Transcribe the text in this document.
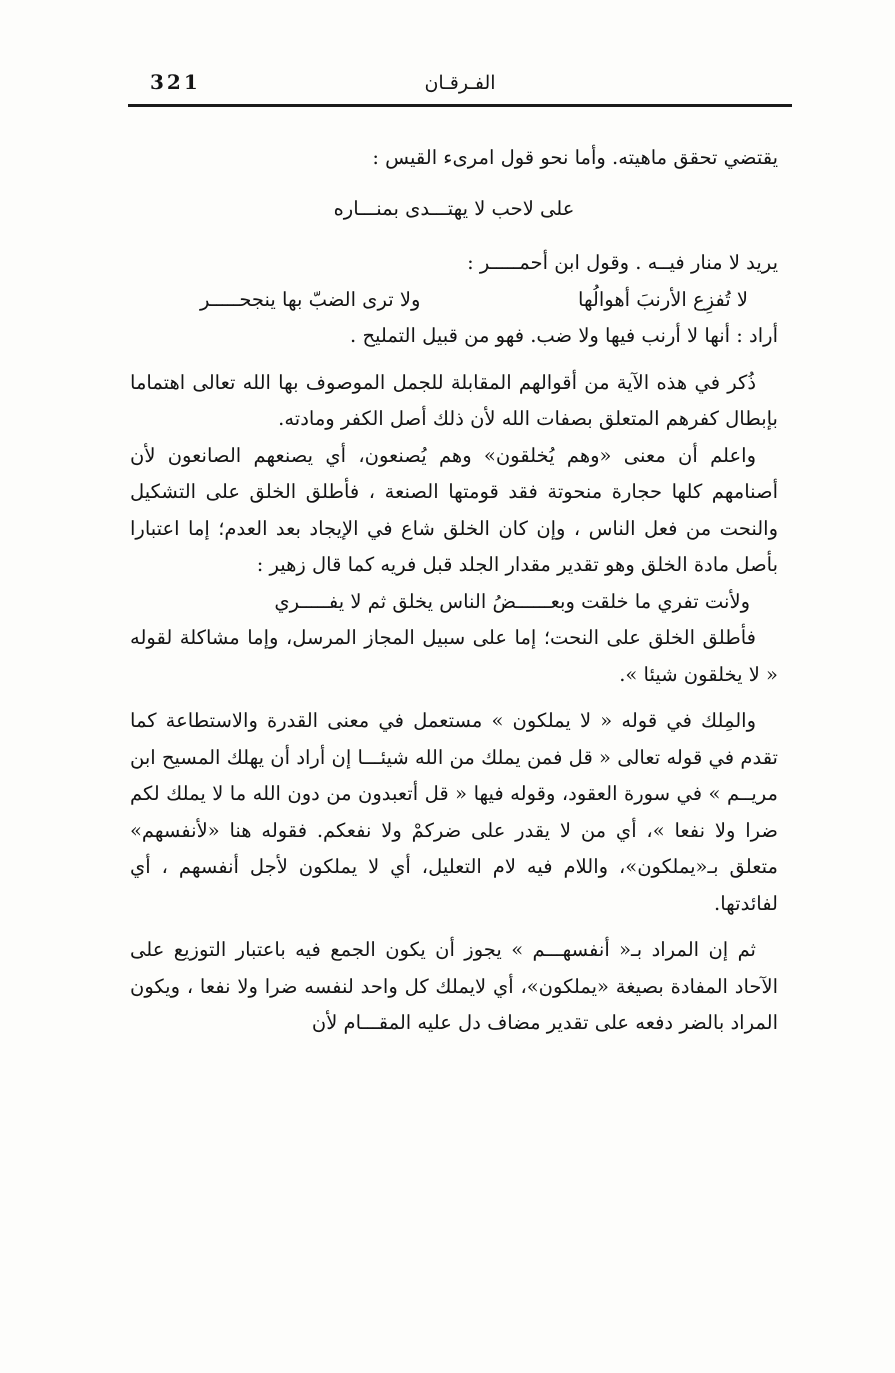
321	الفـرقـان

يقتضي تحقق ماهيته. وأما نحو قول امرىء القيس :

على لاحب لا يهتـــدى بمنـــاره

يريد لا منار فيــه . وقول ابن أحمـــــر :

لا تُفزِع الأرنبَ أهوالُها
ولا ترى الضبّ بها ينجحـــــر

أراد : أنها لا أرنب فيها ولا ضب. فهو من قبيل التمليح .

ذُكر في هذه الآية من أقوالهم المقابلة للجمل الموصوف بها الله تعالى اهتماما بإبطال كفرهم المتعلق بصفات الله لأن ذلك أصل الكفر ومادته.

واعلم أن معنى «وهم يُخلقون» وهم يُصنعون، أي يصنعهم الصانعون لأن أصنامهم كلها حجارة منحوتة فقد قومتها الصنعة ، فأطلق الخلق على التشكيل والنحت من فعل الناس ، وإن كان الخلق شاع في الإيجاد بعد العدم؛ إما اعتبارا بأصل مادة الخلق وهو تقدير مقدار الجلد قبل فريه كما قال زهير :

ولأنت تفري ما خلقت وبعــــــضُ الناس يخلق ثم لا يفـــــري

فأطلق الخلق على النحت؛ إما على سبيل المجاز المرسل، وإما مشاكلة لقوله « لا يخلقون شيئا ».

والمِلك في قوله « لا يملكون » مستعمل في معنى القدرة والاستطاعة كما تقدم في قوله تعالى « قل فمن يملك من الله شيئـــا إن أراد أن يهلك المسيح ابن مريــم » في سورة العقود، وقوله فيها « قل أتعبدون من دون الله ما لا يملك لكم ضرا ولا نفعا »، أي من لا يقدر على ضركمْ ولا نفعكم. فقوله هنا «لأنفسهم» متعلق بـ«يملكون»، واللام فيه لام التعليل، أي لا يملكون لأجل أنفسهم ، أي لفائدتها.

ثم إن المراد بـ« أنفسهـــم » يجوز أن يكون الجمع فيه باعتبار التوزيع على الآحاد المفادة بصيغة «يملكون»، أي لايملك كل واحد لنفسه ضرا ولا نفعا ، ويكون المراد بالضر دفعه على تقدير مضاف دل عليه المقـــام لأن
